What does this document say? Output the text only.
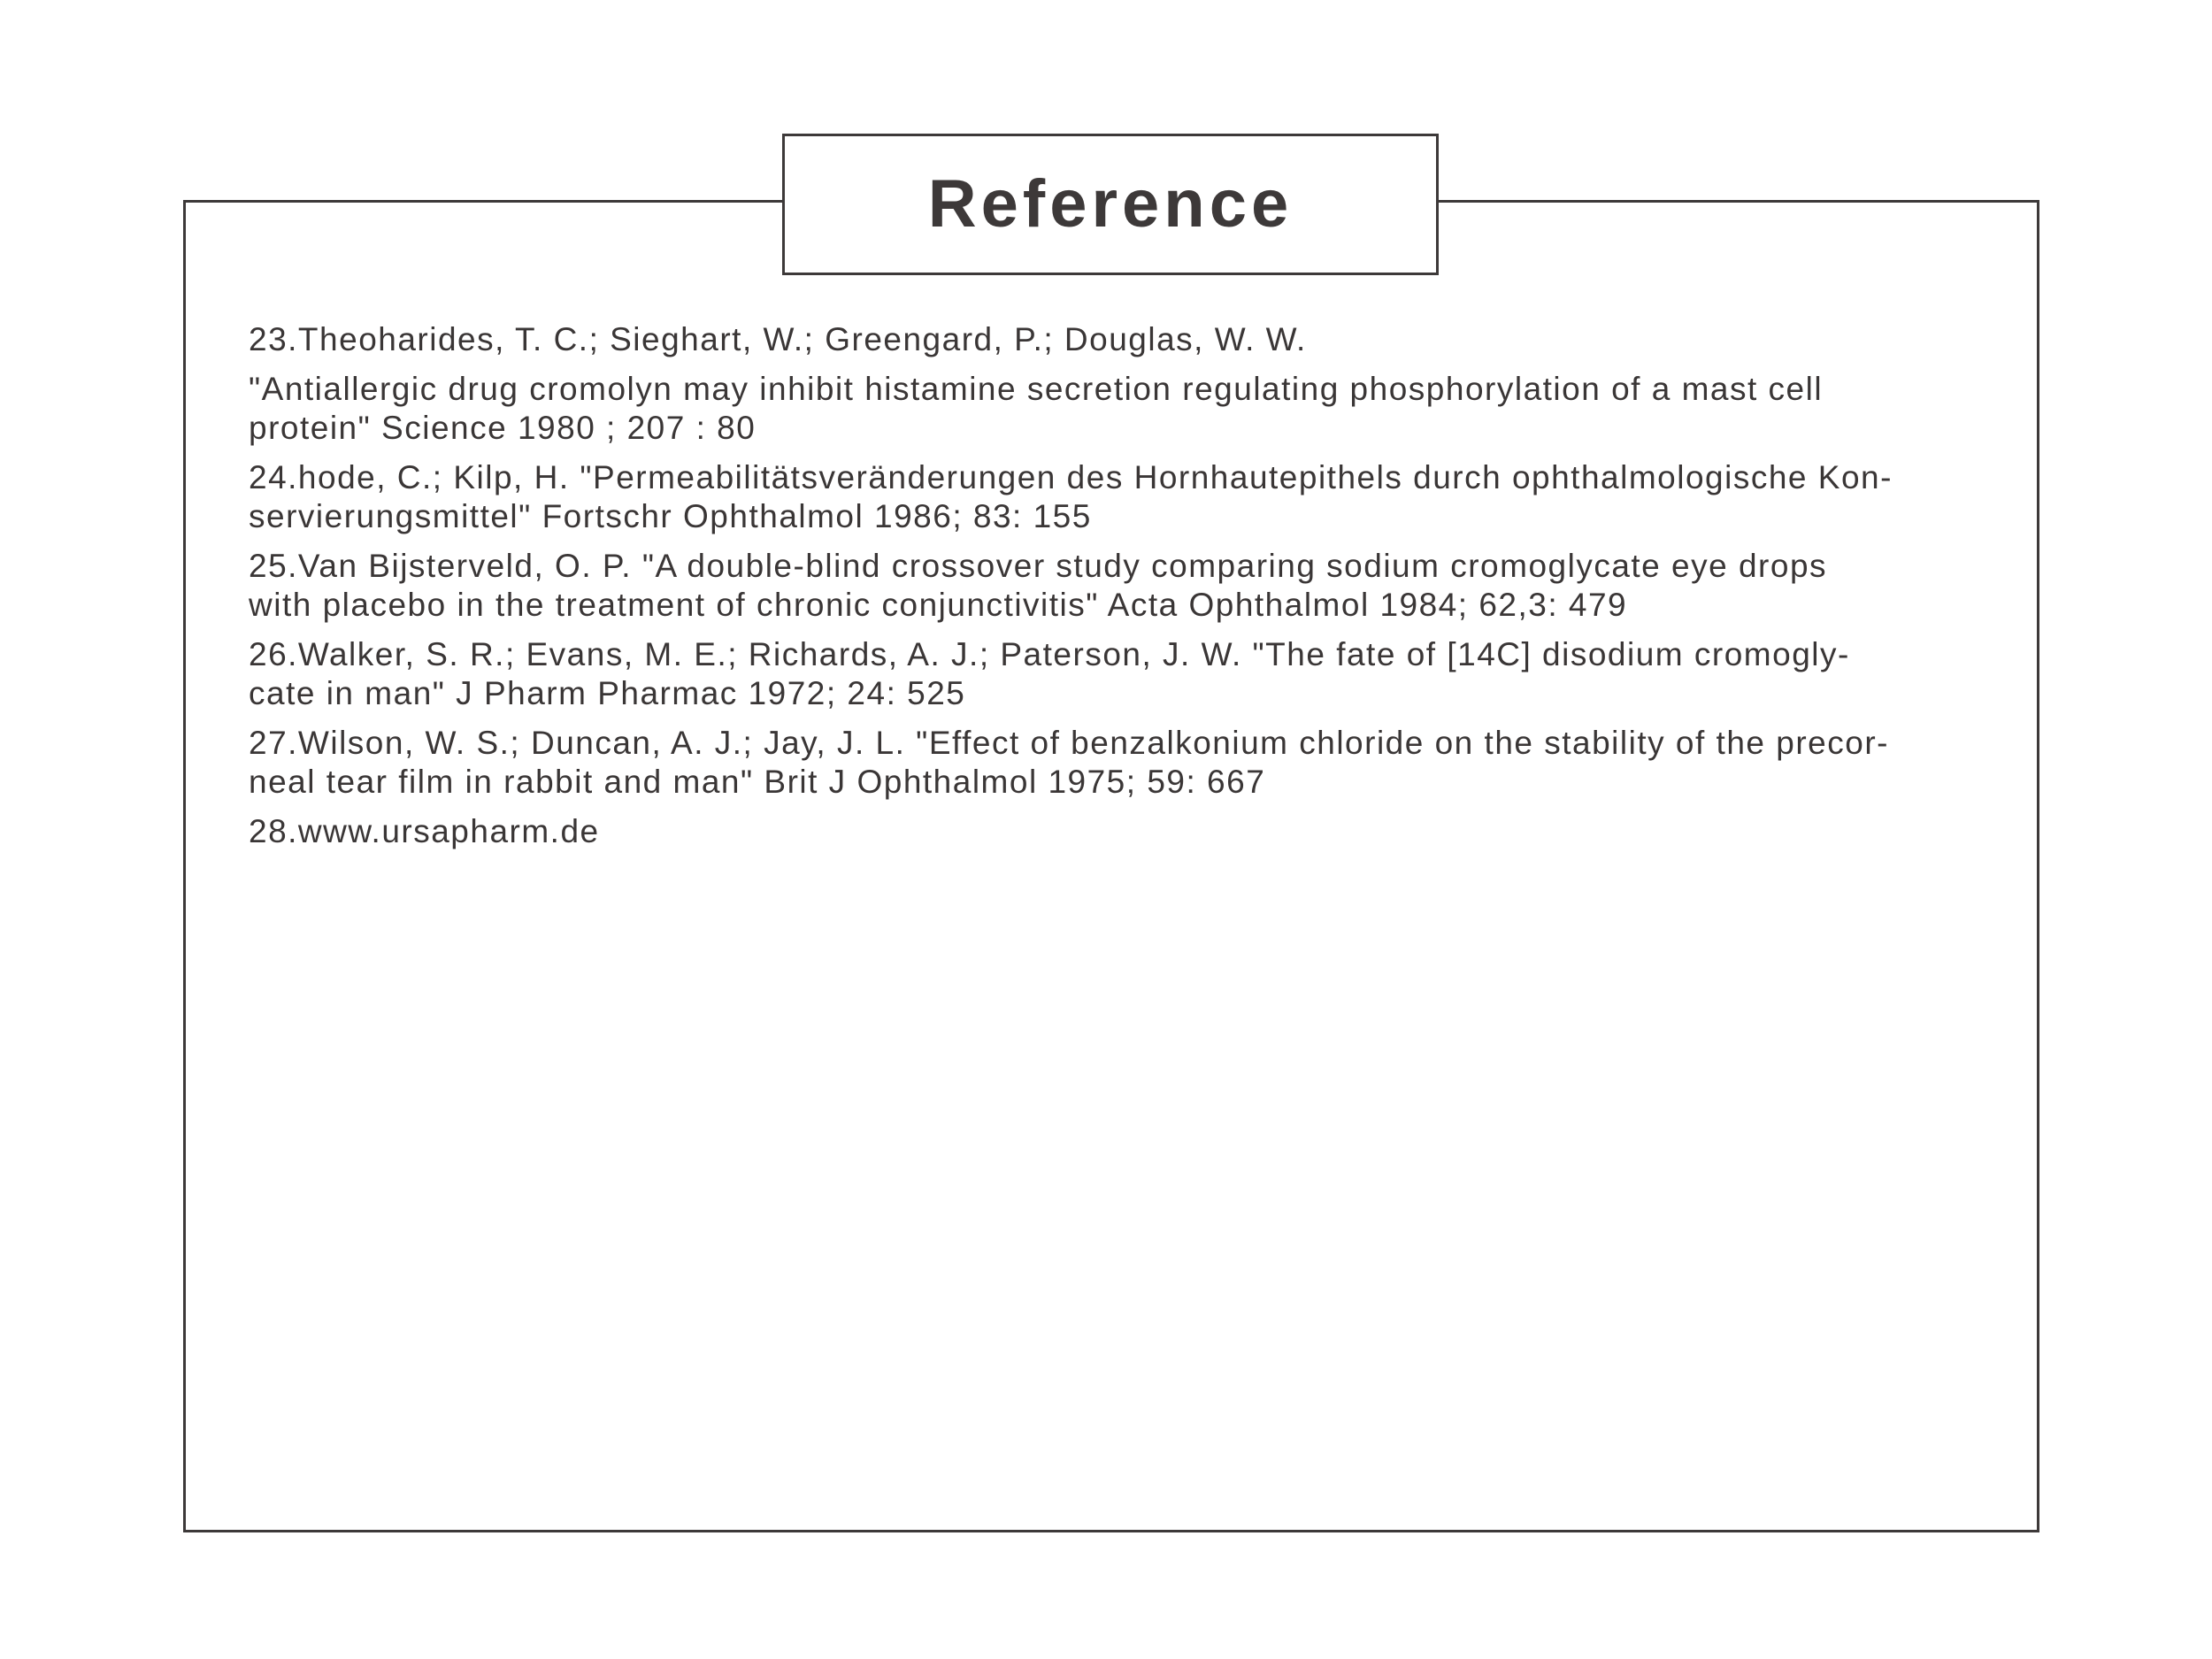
Reference

23.Theoharides, T. C.; Sieghart, W.; Greengard, P.; Douglas, W. W.

"Antiallergic drug cromolyn may inhibit histamine secretion regulating phosphorylation of a mast cell
protein" Science 1980 ; 207 : 80

24.hode, C.; Kilp, H. "Permeabilitätsveränderungen des Hornhautepithels durch ophthalmologische Kon-
servierungsmittel" Fortschr Ophthalmol 1986; 83: 155

25.Van Bijsterveld, O. P. "A double-blind crossover study comparing sodium cromoglycate eye drops
with placebo in the treatment of chronic conjunctivitis" Acta Ophthalmol 1984; 62,3: 479

26.Walker, S. R.; Evans, M. E.; Richards, A. J.; Paterson, J. W. "The fate of [14C] disodium cromogly-
cate in man" J Pharm Pharmac 1972; 24: 525

27.Wilson, W. S.; Duncan, A. J.; Jay, J. L. "Effect of benzalkonium chloride on the stability of the precor-
neal tear film in rabbit and man" Brit J Ophthalmol 1975; 59: 667

28.www.ursapharm.de
